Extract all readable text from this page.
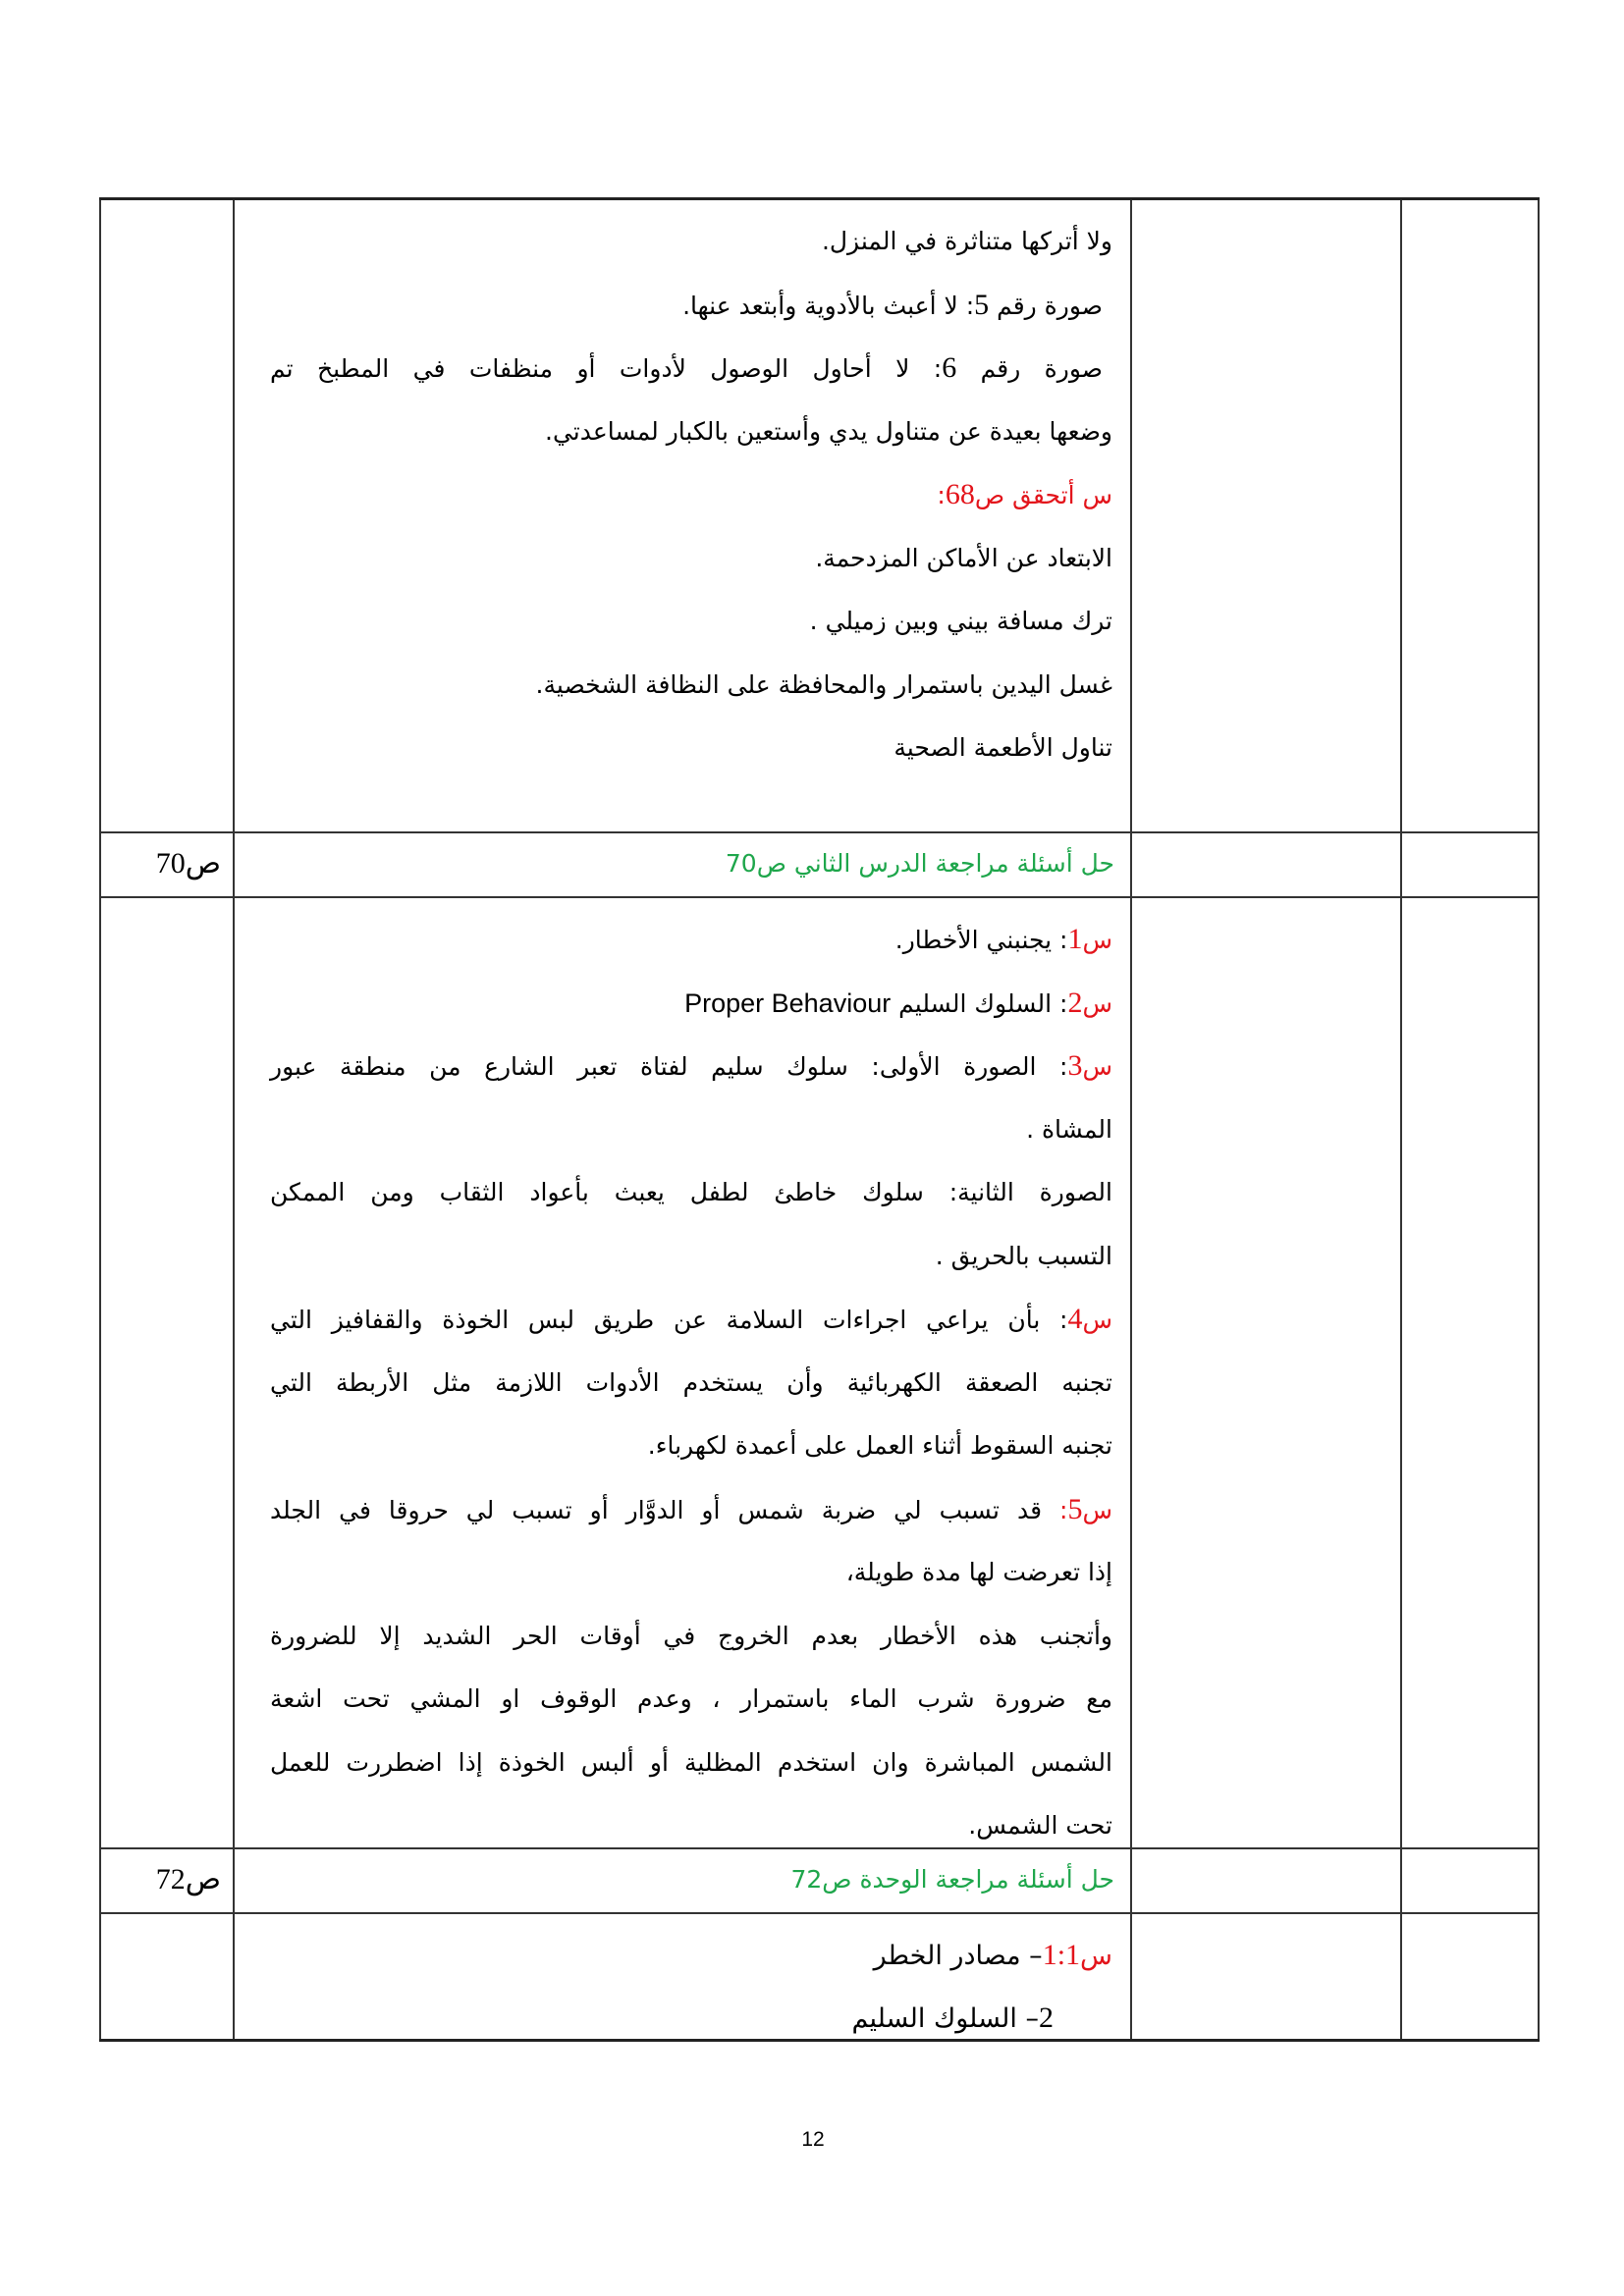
ولا أتركها متناثرة في المنزل.
صورة رقم 5: لا أعبث بالأدوية وأبتعد عنها.
صورة رقم 6: لا أحاول الوصول لأدوات أو منظفات في المطبخ تم
وضعها بعيدة عن متناول يدي وأستعين بالكبار لمساعدتي.
س أتحقق ص68:
الابتعاد عن الأماكن المزدحمة.
ترك مسافة بيني وبين زميلي .
غسل اليدين باستمرار والمحافظة على النظافة الشخصية.
تناول الأطعمة الصحية
ص70	حل أسئلة مراجعة الدرس الثاني ص70
س1: يجنبني الأخطار.
س2: السلوك السليم Proper Behaviour
س3: الصورة الأولى: سلوك سليم لفتاة تعبر الشارع من منطقة عبور
المشاة .
الصورة الثانية: سلوك خاطئ لطفل يعبث بأعواد الثقاب ومن الممكن
التسبب بالحريق .
س4: بأن يراعي اجراءات السلامة عن طريق لبس الخوذة والقفافيز التي
تجنبه الصعقة الكهربائية وأن يستخدم الأدوات اللازمة مثل الأربطة التي
تجنبه السقوط أثناء العمل على أعمدة لكهرباء.
س5: قد تسبب لي ضربة شمس أو الدوَّار أو تسبب لي حروقا في الجلد
إذا تعرضت لها مدة طويلة،
وأتجنب هذه الأخطار بعدم الخروج في أوقات الحر الشديد إلا للضرورة
مع ضرورة شرب الماء باستمرار ، وعدم الوقوف او المشي تحت اشعة
الشمس المباشرة وان استخدم المظلية أو ألبس الخوذة إذا اضطررت للعمل
تحت الشمس.
ص72	حل أسئلة مراجعة الوحدة ص72
س1:1– مصادر الخطر
2– السلوك السليم
12
